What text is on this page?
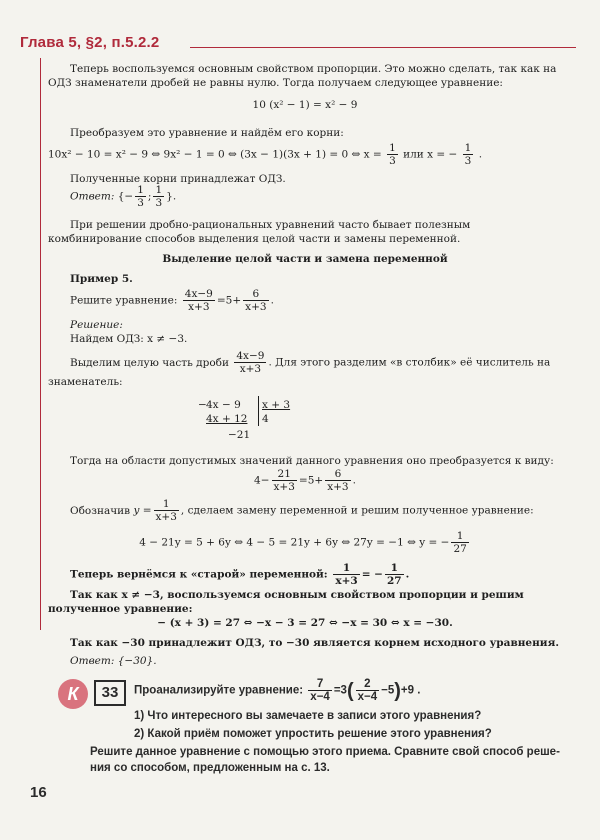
Глава 5, §2, п.5.2.2

Теперь воспользуемся основным свойством пропорции. Это можно сделать, так как на ОДЗ знаменатели дробей не равны нулю. Тогда получаем следующее уравнение:

10 (x² − 1) = x² − 9

Преобразуем это уравнение и найдём его корни:

10x² − 10 = x² − 9 ⇔ 9x² − 1 = 0 ⇔ (3x − 1)(3x + 1) = 0 ⇔ $x = \frac{1}{3}$ или x = − $\frac{1}{3}$ .

Полученные корни принадлежат ОДЗ.

Ответ: {− $\frac{1}{3}$ ; $\frac{1}{3}$ }.

При решении дробно-рациональных уравнений часто бывает полезным комбинирование способов выделения целой части и замены переменной.

Выделение целой части и замена переменной

Пример 5.

Решите уравнение: $\frac{4x-9}{x+3} =5+ \frac{6}{x+3}$ .

Решение:

Найдем ОДЗ: x ≠ −3.

Выделим целую часть дроби $\frac{4x-9}{x+3}$ . Для этого разделим «в столбик» её числитель на знаменатель:
− 4x − 9
4x + 12
−21
x + 3
4

Тогда на области допустимых значений данного уравнения оно преобразуется к виду:

$4- \frac{21}{x+3} =5+ \frac{6}{x+3}$ .
Обозначив $y = \frac{1}{x+3}$ , сделаем замену переменной и решим полученное уравнение:
4 − 21y = 5 + 6y ⇔ 4 − 5 = 21y + 6y ⇔ 27y = −1 ⇔ y = − $\frac{1}{27}$
Теперь вернёмся к «старой» переменной: $\frac{1}{x+3}$ = − $\frac{1}{27}$ .

Так как x ≠ −3, воспользуемся основным свойством пропорции и решим полученное уравнение:

− (x + 3) = 27 ⇔ −x − 3 = 27 ⇔ −x = 30 ⇔ x = −30.

Так как −30 принадлежит ОДЗ, то −30 является корнем исходного уравнения.

Ответ: {−30}.

К	33	Проанализируйте уравнение: $\frac{7}{x-4} =3( \frac{2}{x-4} -5)+9$ .
1) Что интересного вы замечаете в записи этого уравнения?
2) Какой приём поможет упростить решение этого уравнения?
Решите данное уравнение с помощью этого приема. Сравните свой способ реше-
ния со способом, предложенным на с. 13.
16
